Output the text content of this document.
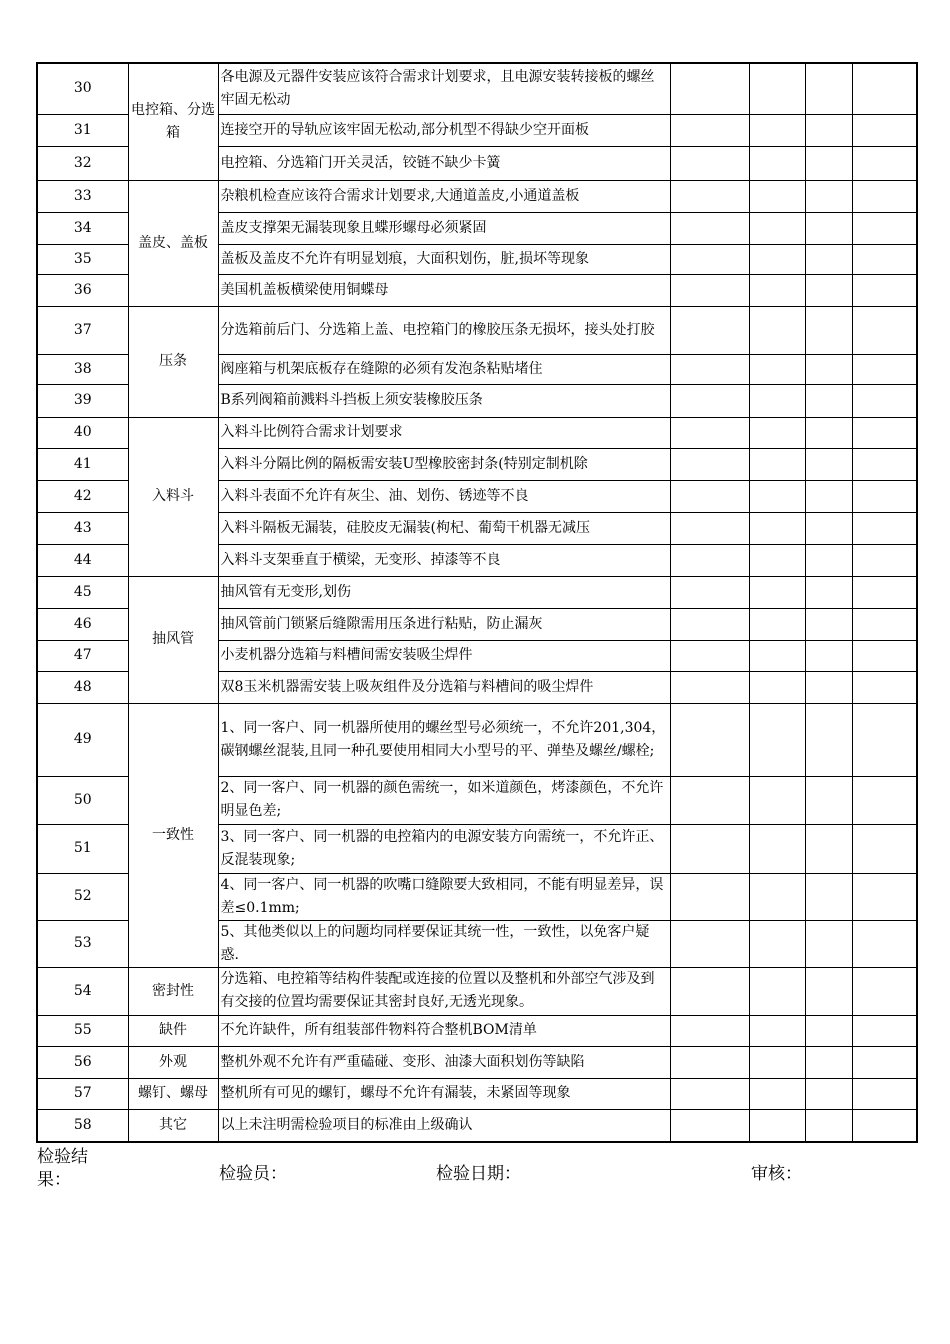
30	电控箱、分选箱	各电源及元器件安装应该符合需求计划要求，且电源安装转接板的螺丝牢固无松动				
31		连接空开的导轨应该牢固无松动,部分机型不得缺少空开面板				
32		电控箱、分选箱门开关灵活，铰链不缺少卡簧				
33	盖皮、盖板	杂粮机检查应该符合需求计划要求,大通道盖皮,小通道盖板				
34		盖皮支撑架无漏装现象且蝶形螺母必须紧固				
35		盖板及盖皮不允许有明显划痕，大面积划伤，脏,损坏等现象				
36		美国机盖板横梁使用铜蝶母				
37	压条	分选箱前后门、分选箱上盖、电控箱门的橡胶压条无损坏，接头处打胶				
38		阀座箱与机架底板存在缝隙的必须有发泡条粘贴堵住				
39		B系列阀箱前溅料斗挡板上须安装橡胶压条				
40	入料斗	入料斗比例符合需求计划要求				
41		入料斗分隔比例的隔板需安装U型橡胶密封条(特别定制机除				
42		入料斗表面不允许有灰尘、油、划伤、锈迹等不良				
43		入料斗隔板无漏装，硅胶皮无漏装(枸杞、葡萄干机器无减压				
44		入料斗支架垂直于横梁，无变形、掉漆等不良				
45	抽风管	抽风管有无变形,划伤				
46		抽风管前门锁紧后缝隙需用压条进行粘贴，防止漏灰				
47		小麦机器分选箱与料槽间需安装吸尘焊件				
48		双8玉米机器需安装上吸灰组件及分选箱与料槽间的吸尘焊件				
49	一致性	1、同一客户、同一机器所使用的螺丝型号必须统一，不允许201,304，碳钢螺丝混装,且同一种孔要使用相同大小型号的平、弹垫及螺丝/螺栓;				
50		2、同一客户、同一机器的颜色需统一，如米道颜色，烤漆颜色，不允许明显色差;				
51		3、同一客户、同一机器的电控箱内的电源安装方向需统一，不允许正、反混装现象;				
52		4、同一客户、同一机器的吹嘴口缝隙要大致相同，不能有明显差异，误差≤0.1mm;				
53		5、其他类似以上的问题均同样要保证其统一性，一致性，以免客户疑惑.				
54	密封性	分选箱、电控箱等结构件装配或连接的位置以及整机和外部空气涉及到有交接的位置均需要保证其密封良好,无透光现象。				
55	缺件	不允许缺件，所有组装部件物料符合整机BOM清单				
56	外观	整机外观不允许有严重磕碰、变形、油漆大面积划伤等缺陷				
57	螺钉、螺母	整机所有可见的螺钉，螺母不允许有漏装，未紧固等现象				
58	其它	以上未注明需检验项目的标准由上级确认				
检验结果：	检验员：	检验日期：	审核：
